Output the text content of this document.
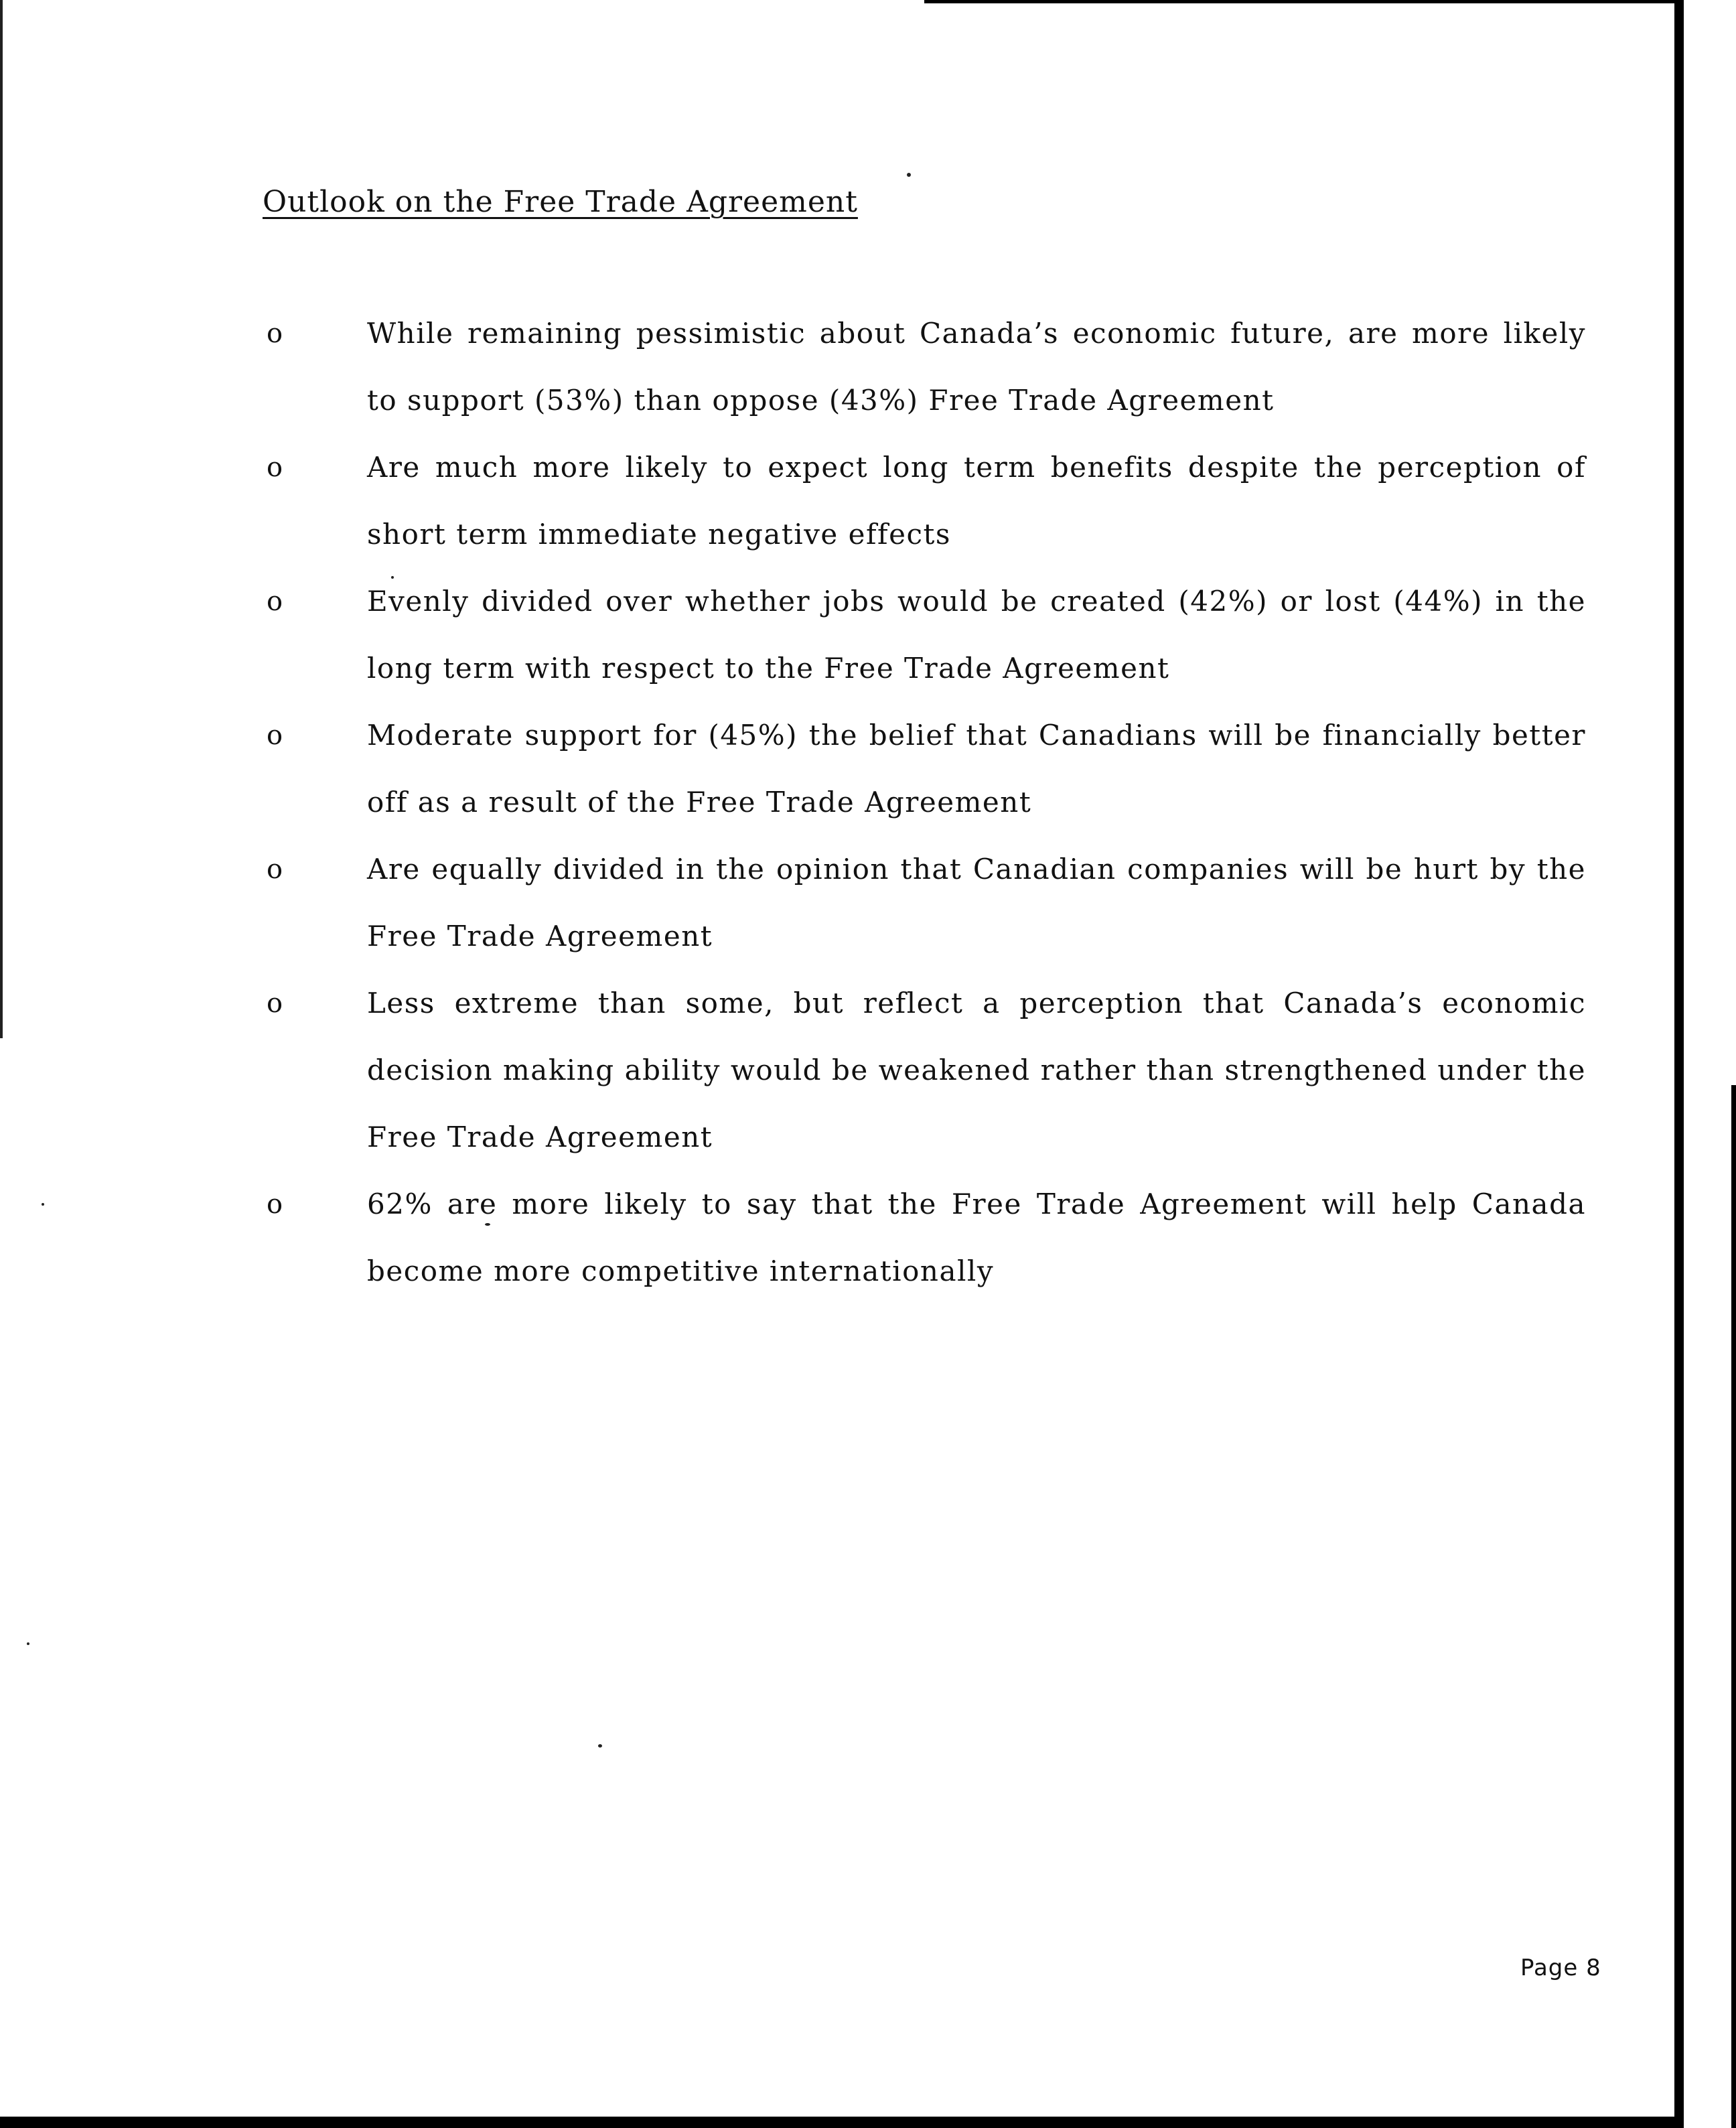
Outlook on the Free Trade Agreement
o	While remaining pessimistic about Canada’s economic future, are more likely to support (53%) than oppose (43%) Free Trade Agreement
o	Are much more likely to expect long term benefits despite the perception of short term immediate negative effects
o	Evenly divided over whether jobs would be created (42%) or lost (44%) in the long term with respect to the Free Trade Agreement
o	Moderate support for (45%) the belief that Canadians will be financially better off as a result of the Free Trade Agreement
o	Are equally divided in the opinion that Canadian companies will be hurt by the Free Trade Agreement
o	Less extreme than some, but reflect a perception that Canada’s economic decision making ability would be weakened rather than strengthened under the Free Trade Agreement
o	62% are more likely to say that the Free Trade Agreement will help Canada become more competitive internationally
Page 8
